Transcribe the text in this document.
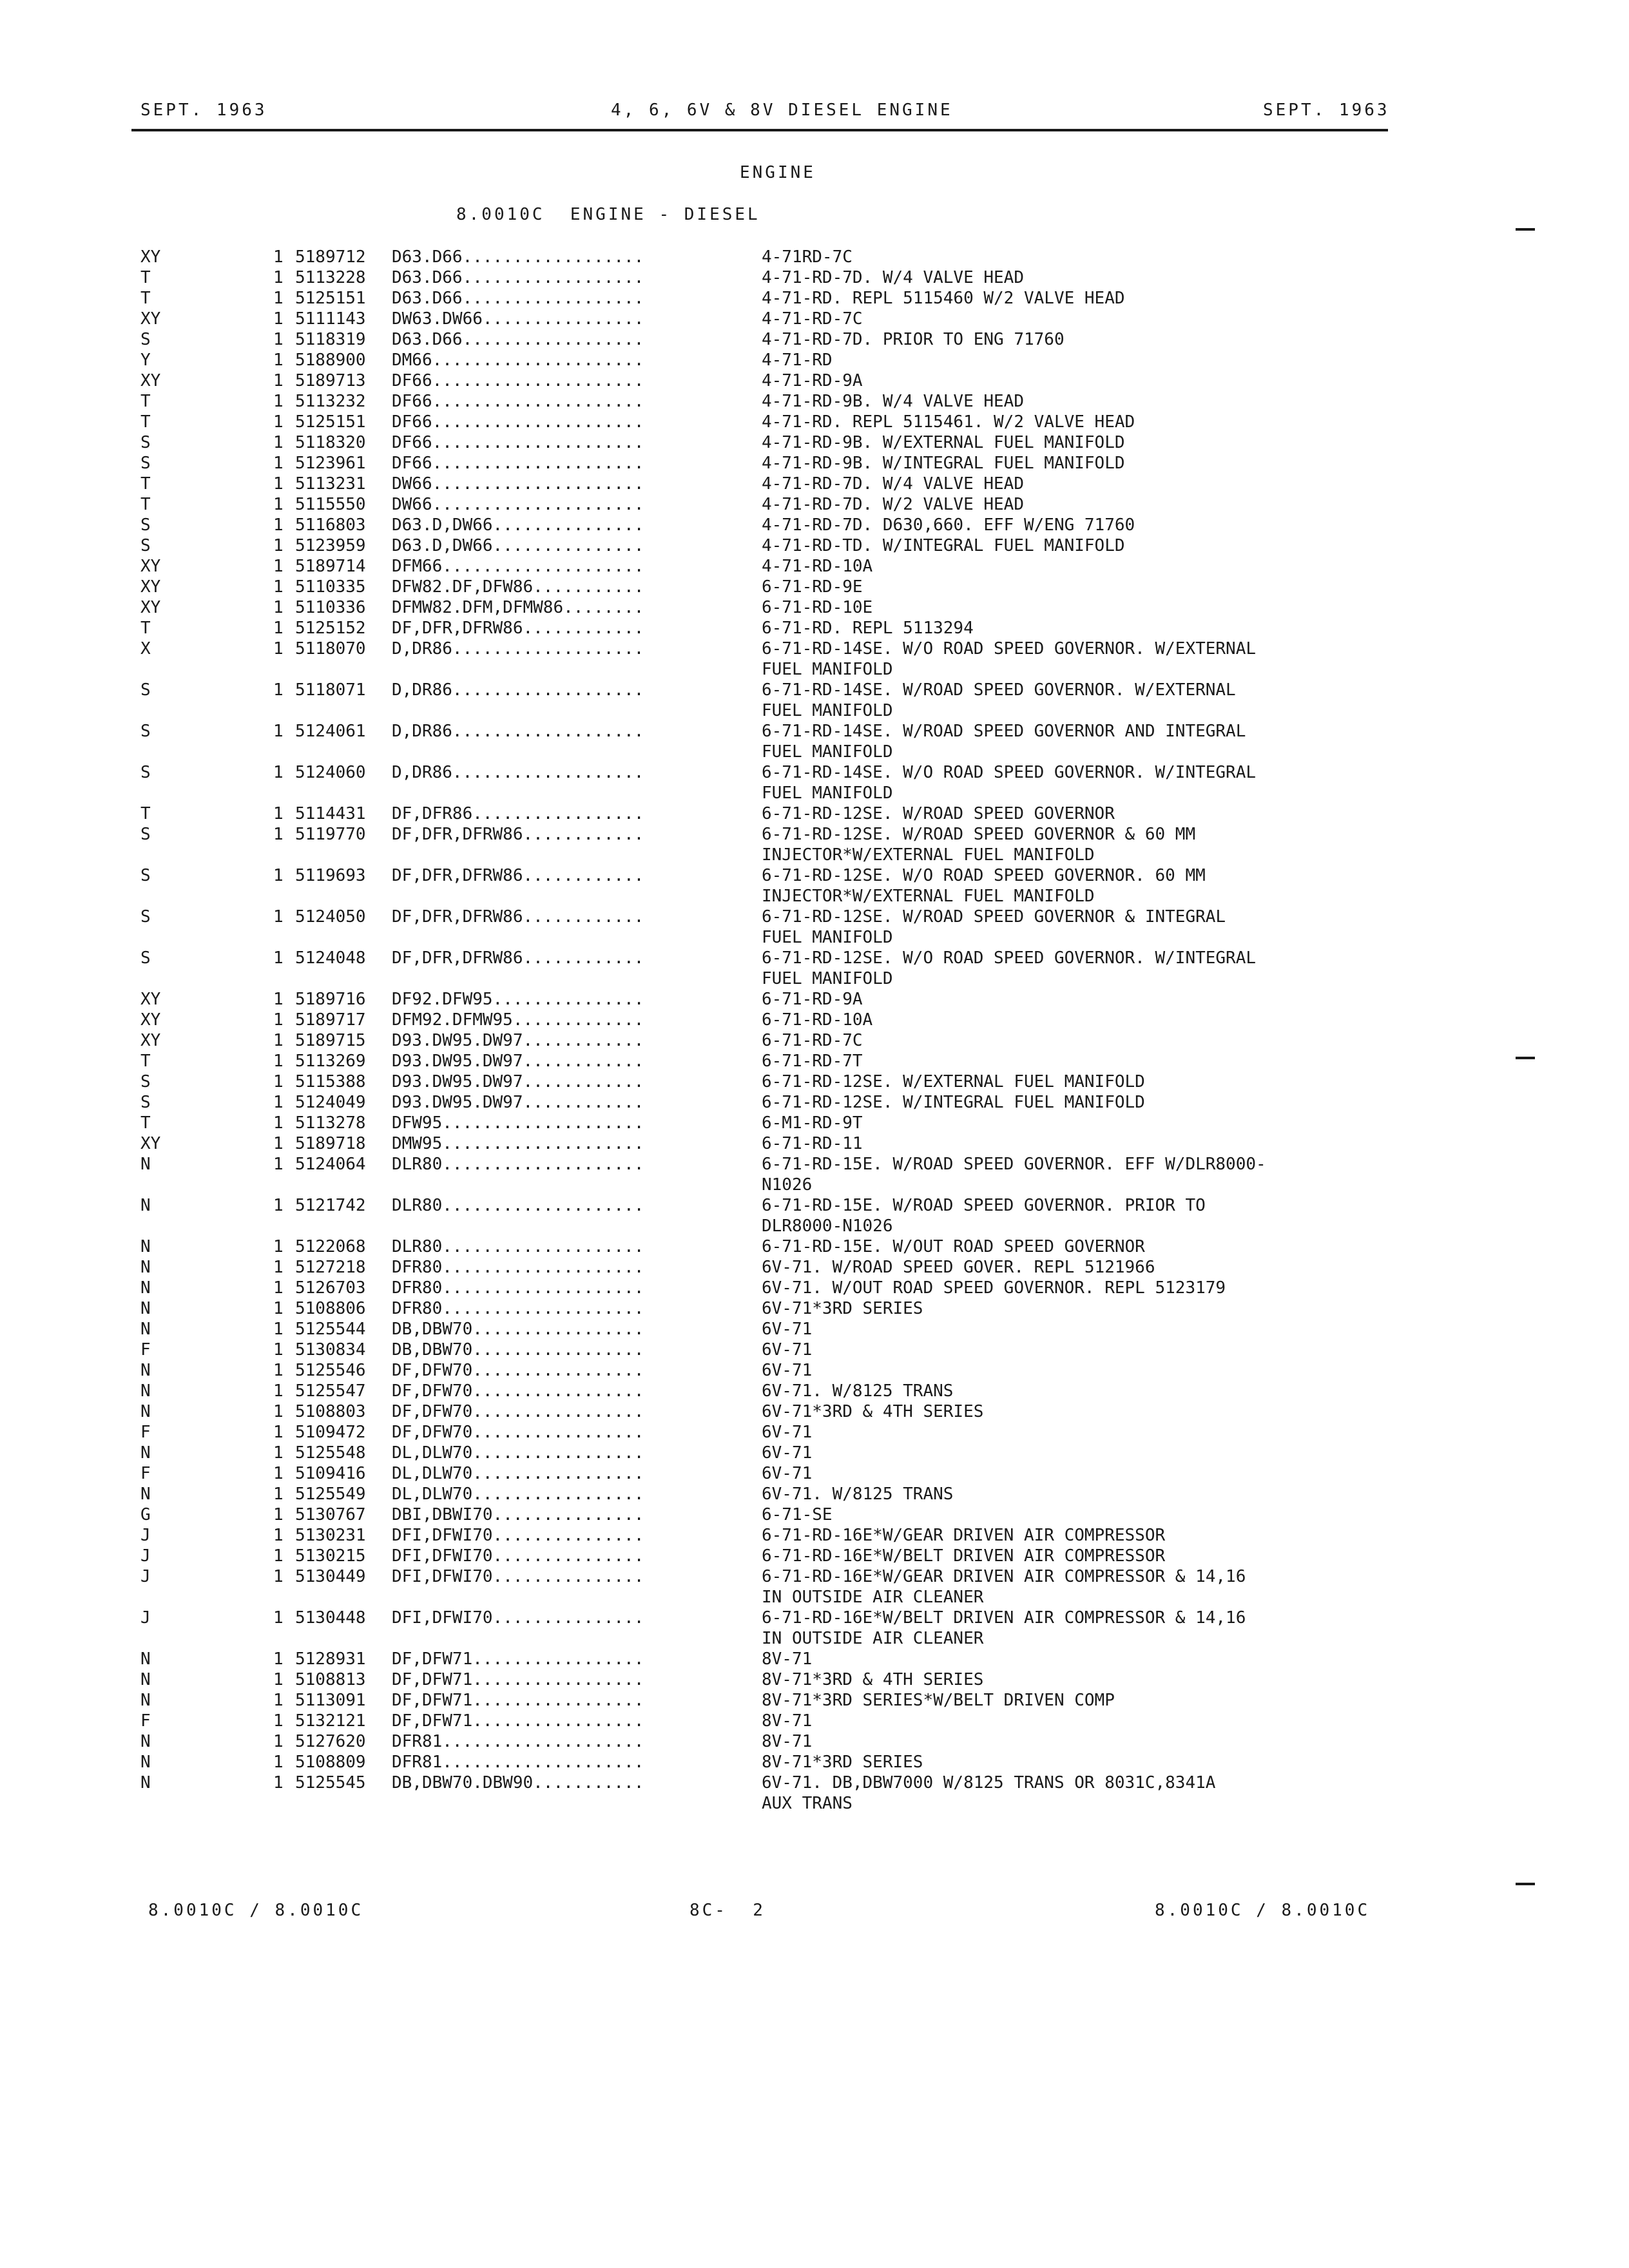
SEPT. 1963	4, 6, 6V & 8V DIESEL ENGINE	SEPT. 1963
ENGINE
8.0010C  ENGINE - DIESEL
XY	1 5189712 D63.D66..................	4-71RD-7C
T	1 5113228 D63.D66..................	4-71-RD-7D. W/4 VALVE HEAD
T	1 5125151 D63.D66..................	4-71-RD. REPL 5115460 W/2 VALVE HEAD
XY	1 5111143 DW63.DW66................	4-71-RD-7C
S	1 5118319 D63.D66..................	4-71-RD-7D. PRIOR TO ENG 71760
Y	1 5188900 DM66.....................	4-71-RD
XY	1 5189713 DF66.....................	4-71-RD-9A
T	1 5113232 DF66.....................	4-71-RD-9B. W/4 VALVE HEAD
T	1 5125151 DF66.....................	4-71-RD. REPL 5115461. W/2 VALVE HEAD
S	1 5118320 DF66.....................	4-71-RD-9B. W/EXTERNAL FUEL MANIFOLD
S	1 5123961 DF66.....................	4-71-RD-9B. W/INTEGRAL FUEL MANIFOLD
T	1 5113231 DW66.....................	4-71-RD-7D. W/4 VALVE HEAD
T	1 5115550 DW66.....................	4-71-RD-7D. W/2 VALVE HEAD
S	1 5116803 D63.D,DW66...............	4-71-RD-7D. D630,660. EFF W/ENG 71760
S	1 5123959 D63.D,DW66...............	4-71-RD-TD. W/INTEGRAL FUEL MANIFOLD
XY	1 5189714 DFM66....................	4-71-RD-10A
XY	1 5110335 DFW82.DF,DFW86...........	6-71-RD-9E
XY	1 5110336 DFMW82.DFM,DFMW86........	6-71-RD-10E
T	1 5125152 DF,DFR,DFRW86............	6-71-RD. REPL 5113294
X	1 5118070 D,DR86...................	6-71-RD-14SE. W/O ROAD SPEED GOVERNOR. W/EXTERNAL
FUEL MANIFOLD
S	1 5118071 D,DR86...................	6-71-RD-14SE. W/ROAD SPEED GOVERNOR. W/EXTERNAL
FUEL MANIFOLD
S	1 5124061 D,DR86...................	6-71-RD-14SE. W/ROAD SPEED GOVERNOR AND INTEGRAL
FUEL MANIFOLD
S	1 5124060 D,DR86...................	6-71-RD-14SE. W/O ROAD SPEED GOVERNOR. W/INTEGRAL
FUEL MANIFOLD
T	1 5114431 DF,DFR86.................	6-71-RD-12SE. W/ROAD SPEED GOVERNOR
S	1 5119770 DF,DFR,DFRW86............	6-71-RD-12SE. W/ROAD SPEED GOVERNOR & 60 MM
INJECTOR*W/EXTERNAL FUEL MANIFOLD
S	1 5119693 DF,DFR,DFRW86............	6-71-RD-12SE. W/O ROAD SPEED GOVERNOR. 60 MM
INJECTOR*W/EXTERNAL FUEL MANIFOLD
S	1 5124050 DF,DFR,DFRW86............	6-71-RD-12SE. W/ROAD SPEED GOVERNOR & INTEGRAL
FUEL MANIFOLD
S	1 5124048 DF,DFR,DFRW86............	6-71-RD-12SE. W/O ROAD SPEED GOVERNOR. W/INTEGRAL
FUEL MANIFOLD
XY	1 5189716 DF92.DFW95...............	6-71-RD-9A
XY	1 5189717 DFM92.DFMW95.............	6-71-RD-10A
XY	1 5189715 D93.DW95.DW97............	6-71-RD-7C
T	1 5113269 D93.DW95.DW97............	6-71-RD-7T
S	1 5115388 D93.DW95.DW97............	6-71-RD-12SE. W/EXTERNAL FUEL MANIFOLD
S	1 5124049 D93.DW95.DW97............	6-71-RD-12SE. W/INTEGRAL FUEL MANIFOLD
T	1 5113278 DFW95....................	6-M1-RD-9T
XY	1 5189718 DMW95....................	6-71-RD-11
N	1 5124064 DLR80....................	6-71-RD-15E. W/ROAD SPEED GOVERNOR. EFF W/DLR8000-
N1026
N	1 5121742 DLR80....................	6-71-RD-15E. W/ROAD SPEED GOVERNOR. PRIOR TO
DLR8000-N1026
N	1 5122068 DLR80....................	6-71-RD-15E. W/OUT ROAD SPEED GOVERNOR
N	1 5127218 DFR80....................	6V-71. W/ROAD SPEED GOVER. REPL 5121966
N	1 5126703 DFR80....................	6V-71. W/OUT ROAD SPEED GOVERNOR. REPL 5123179
N	1 5108806 DFR80....................	6V-71*3RD SERIES
N	1 5125544 DB,DBW70.................	6V-71
F	1 5130834 DB,DBW70.................	6V-71
N	1 5125546 DF,DFW70.................	6V-71
N	1 5125547 DF,DFW70.................	6V-71. W/8125 TRANS
N	1 5108803 DF,DFW70.................	6V-71*3RD & 4TH SERIES
F	1 5109472 DF,DFW70.................	6V-71
N	1 5125548 DL,DLW70.................	6V-71
F	1 5109416 DL,DLW70.................	6V-71
N	1 5125549 DL,DLW70.................	6V-71. W/8125 TRANS
G	1 5130767 DBI,DBWI70...............	6-71-SE
J	1 5130231 DFI,DFWI70...............	6-71-RD-16E*W/GEAR DRIVEN AIR COMPRESSOR
J	1 5130215 DFI,DFWI70...............	6-71-RD-16E*W/BELT DRIVEN AIR COMPRESSOR
J	1 5130449 DFI,DFWI70...............	6-71-RD-16E*W/GEAR DRIVEN AIR COMPRESSOR & 14,16
IN OUTSIDE AIR CLEANER
J	1 5130448 DFI,DFWI70...............	6-71-RD-16E*W/BELT DRIVEN AIR COMPRESSOR & 14,16
IN OUTSIDE AIR CLEANER
N	1 5128931 DF,DFW71.................	8V-71
N	1 5108813 DF,DFW71.................	8V-71*3RD & 4TH SERIES
N	1 5113091 DF,DFW71.................	8V-71*3RD SERIES*W/BELT DRIVEN COMP
F	1 5132121 DF,DFW71.................	8V-71
N	1 5127620 DFR81....................	8V-71
N	1 5108809 DFR81....................	8V-71*3RD SERIES
N	1 5125545 DB,DBW70.DBW90...........	6V-71. DB,DBW7000 W/8125 TRANS OR 8031C,8341A
AUX TRANS
8.0010C / 8.0010C	8C-  2	8.0010C / 8.0010C
